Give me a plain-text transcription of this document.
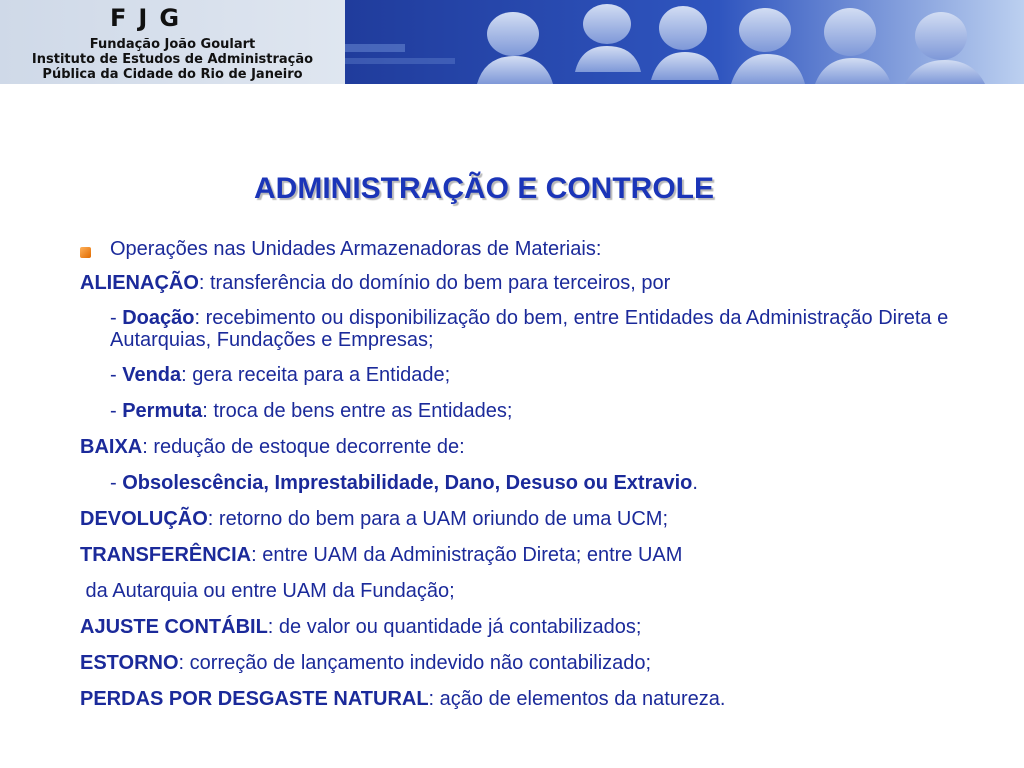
FJG
Fundação João Goulart
Instituto de Estudos de Administração
Pública da Cidade do Rio de Janeiro
ADMINISTRAÇÃO E CONTROLE

Operações nas Unidades Armazenadoras de Materiais:

ALIENAÇÃO: transferência do domínio do bem para terceiros, por

- Doação: recebimento ou disponibilização do bem, entre Entidades da Administração Direta e Autarquias, Fundações e Empresas;

- Venda: gera receita para a Entidade;

- Permuta: troca de bens entre as Entidades;

BAIXA: redução de estoque decorrente de:

- Obsolescência, Imprestabilidade, Dano, Desuso ou Extravio.

DEVOLUÇÃO: retorno do bem para a UAM oriundo de uma UCM;

TRANSFERÊNCIA: entre UAM da Administração Direta; entre UAM

da Autarquia ou entre UAM da Fundação;

AJUSTE CONTÁBIL: de valor ou quantidade já contabilizados;

ESTORNO: correção de lançamento indevido não contabilizado;

PERDAS POR DESGASTE NATURAL: ação de elementos da natureza.
